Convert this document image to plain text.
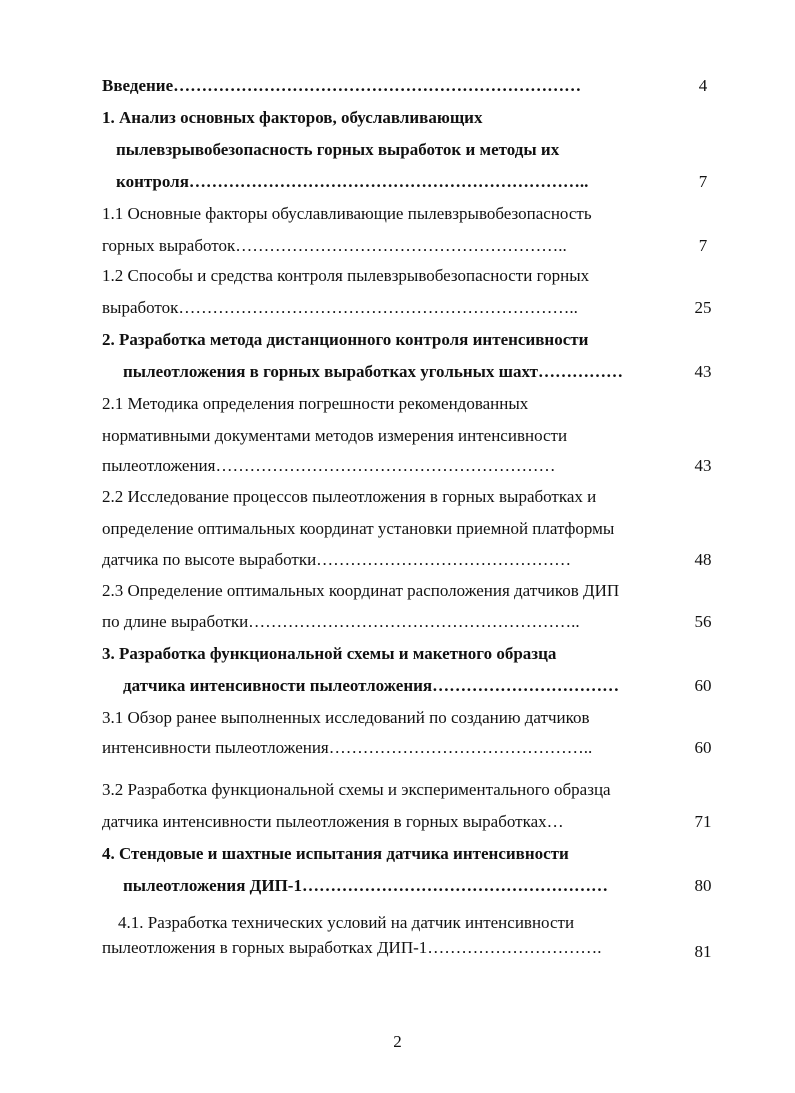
Введение………………………………………………………………	4
1. Анализ основных факторов, обуславливающих
пылевзрывобезопасность горных выработок и методы их
контроля……………………………………………………………..	7
1.1 Основные факторы обуславливающие пылевзрывобезопасность
горных выработок…………………………………………………..	7
1.2 Способы и средства контроля пылевзрывобезопасности горных
выработок……………………………………………………………..	25
2. Разработка метода дистанционного контроля интенсивности
пылеотложения в горных выработках угольных шахт……………	43
2.1 Методика определения погрешности рекомендованных
нормативными документами методов измерения интенсивности
пылеотложения……………………………………………………	43
2.2 Исследование процессов пылеотложения в горных выработках и
определение оптимальных координат установки приемной платформы
датчика по высоте выработки………………………………………	48
2.3 Определение оптимальных координат расположения датчиков ДИП
по длине выработки…………………………………………………..	56
3. Разработка функциональной схемы и макетного образца
датчика интенсивности пылеотложения……………………………	60
3.1 Обзор ранее выполненных исследований по созданию датчиков
интенсивности пылеотложения………………………………………..	60
3.2 Разработка функциональной схемы и экспериментального образца
датчика интенсивности пылеотложения в горных выработках…	71
4. Стендовые и шахтные испытания датчика интенсивности
пылеотложения ДИП-1………………………………………………	80
4.1. Разработка технических условий на датчик интенсивности
пылеотложения в горных выработках ДИП-1………………………….	81
2
